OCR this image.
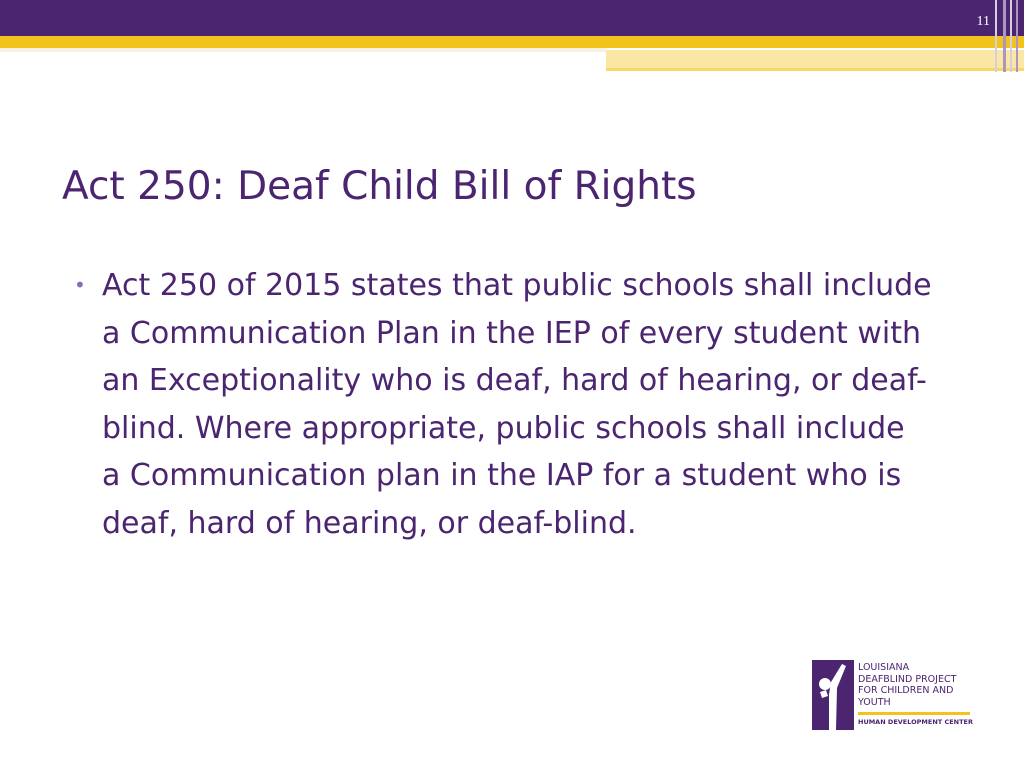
11
Act 250: Deaf Child Bill of Rights
• Act 250 of 2015 states that public schools shall include a Communication Plan in the IEP of every student with an Exceptionality who is deaf, hard of hearing, or deaf-blind. Where appropriate, public schools shall include a Communication plan in the IAP for a student who is deaf, hard of hearing, or deaf-blind.

LOUISIANA
DEAFBLIND PROJECT
FOR CHILDREN AND
YOUTH
HUMAN DEVELOPMENT CENTER
